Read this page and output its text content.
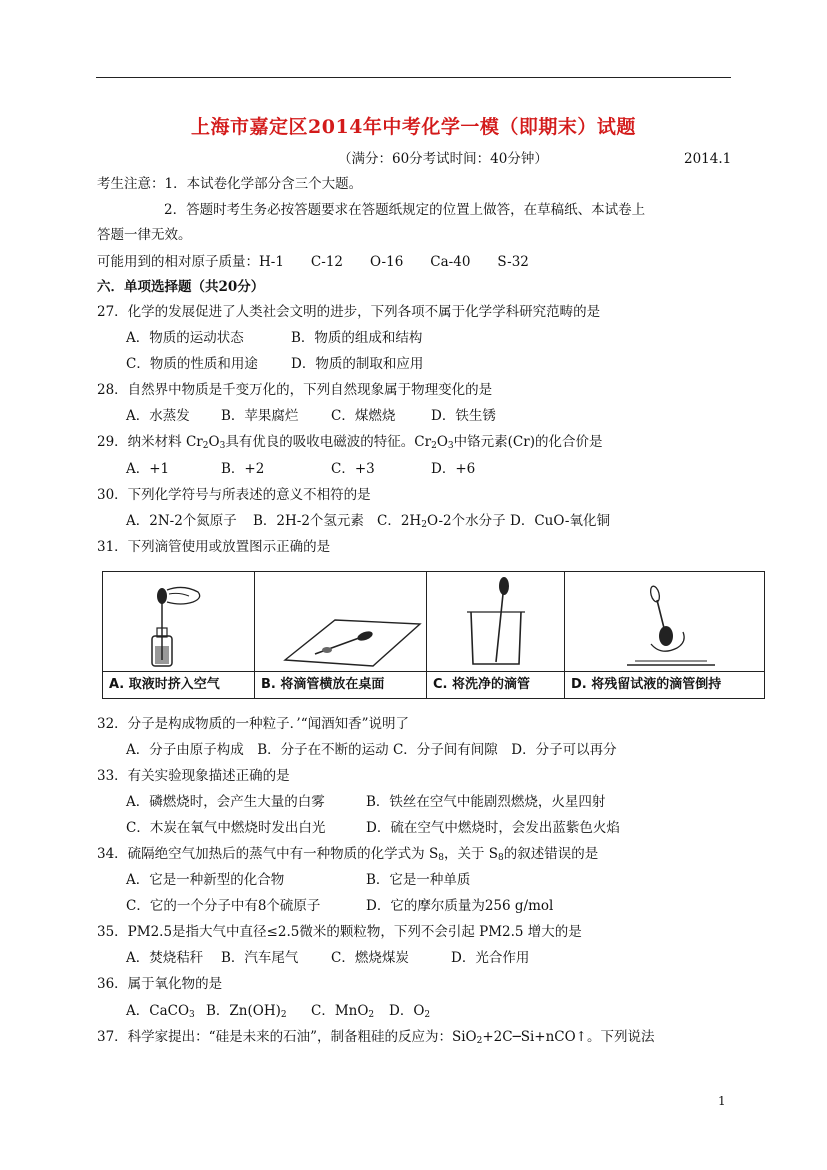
上海市嘉定区2014年中考化学一模（即期末）试题
（满分：60分考试时间：40分钟）	2014.1
考生注意：1．本试卷化学部分含三个大题。
2．答题时考生务必按答题要求在答题纸规定的位置上做答，在草稿纸、本试卷上
答题一律无效。
可能用到的相对原子质量：H-1　　C-12　　O-16　　Ca-40　　S-32
六．单项选择题（共20分）
27．化学的发展促进了人类社会文明的进步，下列各项不属于化学学科研究范畴的是
A．物质的运动状态	B．物质的组成和结构
C．物质的性质和用途 D．物质的制取和应用
28．自然界中物质是千变万化的，下列自然现象属于物理变化的是
A．水蒸发 B．苹果腐烂 C．煤燃烧	D．铁生锈
29．纳米材料 $Cr_2O_3$具有优良的吸收电磁波的特征。$Cr_2O_3$中铬元素(Cr)的化合价是
A．+1	B．+2	C．+3	D．+6
30．下列化学符号与所表述的意义不相符的是
A．2N-2个氮原子 B．2H-2个氢元素 C．$2H_2O-2$个水分子 D．CuO-氧化铜
31．下列滴管使用或放置图示正确的是
A. 取液时挤入空气	B. 将滴管横放在桌面	C. 将洗净的滴管	D. 将残留试液的滴管倒持
32．分子是构成物质的一种粒子．’“闻酒知香”说明了
A．分子由原子构成　B．分子在不断的运动 C．分子间有间隙　D．分子可以再分
33．有关实验现象描述正确的是
A．磷燃烧时，会产生大量的白雾	B．铁丝在空气中能剧烈燃烧，火星四射
C．木炭在氧气中燃烧时发出白光	D．硫在空气中燃烧时，会发出蓝紫色火焰
34．硫隔绝空气加热后的蒸气中有一种物质的化学式为 $S_8$，关于 $S_8$的叙述错误的是
A．它是一种新型的化合物	B．它是一种单质
C．它的一个分子中有8个硫原子	D．它的摩尔质量为256 g/mol
35．PM2.5是指大气中直径≤2.5微米的颗粒物，下列不会引起 PM2.5 增大的是
A．焚烧秸秆 B．汽车尾气 C．燃烧煤炭	D．光合作用
36．属于氧化物的是
A．CaCO$_3$ B．$Zn(OH)_2$ C．MnO$_2$ D．$O_2$
37．科学家提出：“硅是未来的石油”，制备粗硅的反应为：SiO$_2$+2C─Si+nCO↑。下列说法
1
